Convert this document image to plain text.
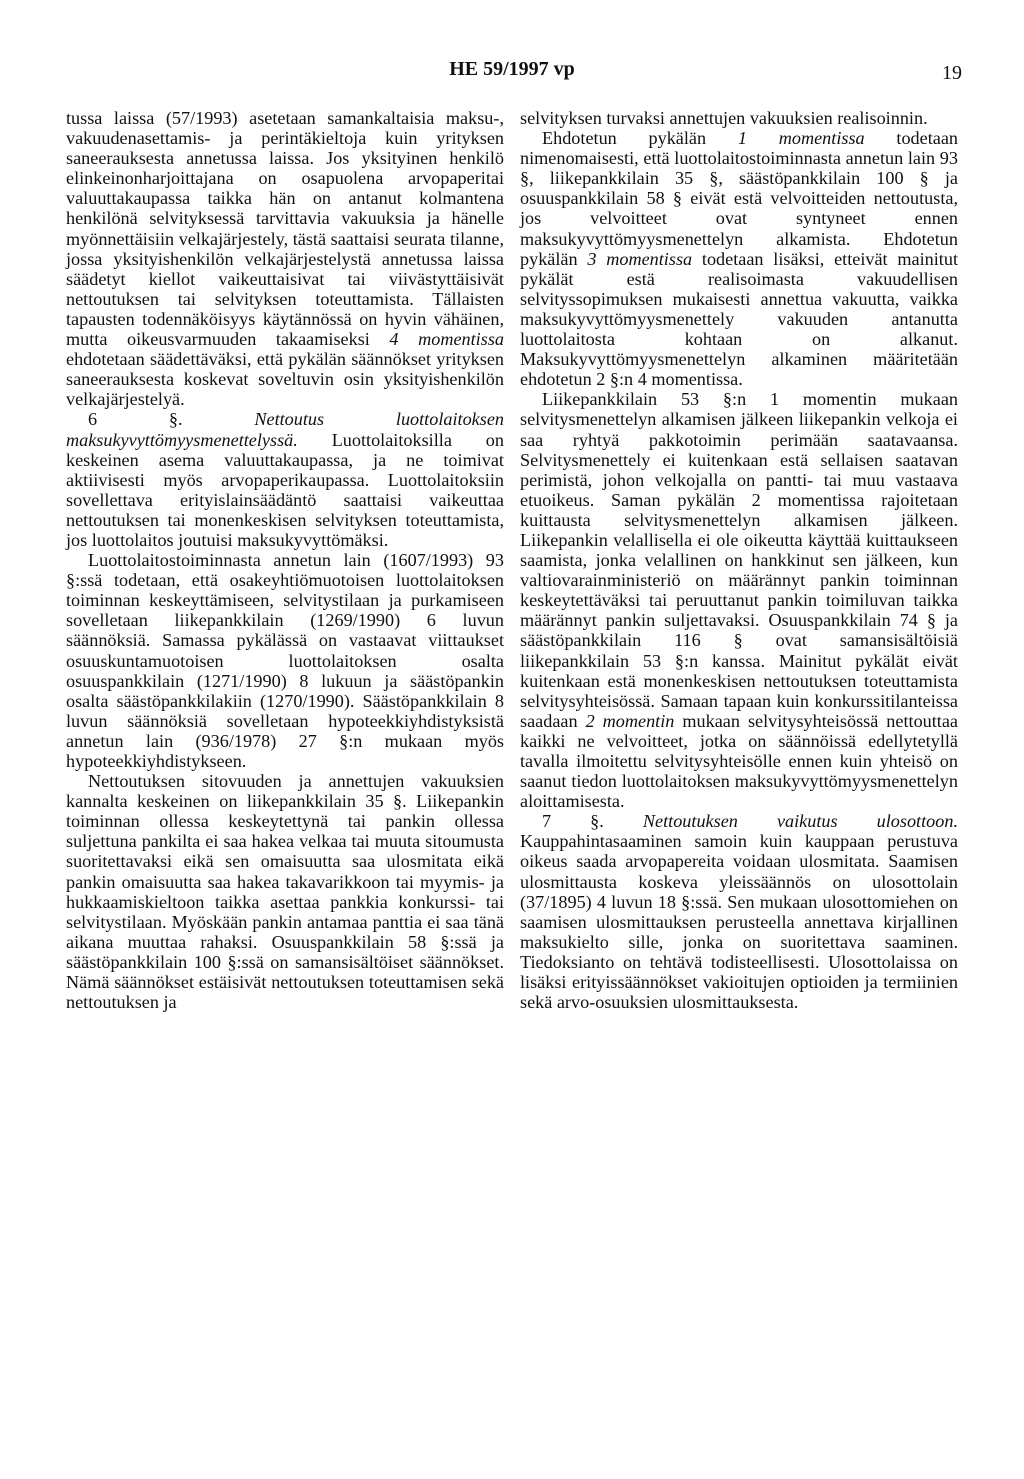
HE 59/1997 vp	19

tussa laissa (57/1993) asetetaan samankaltaisia maksu-, vakuudenasettamis- ja perintäkieltoja kuin yrityksen saneerauksesta annetussa laissa. Jos yksityinen henkilö elinkeinonharjoittajana on osapuolena arvopaperitai valuuttakaupassa taikka hän on antanut kolmantena henkilönä selvityksessä tarvittavia vakuuksia ja hänelle myönnettäisiin velkajärjestely, tästä saattaisi seurata tilanne, jossa yksityishenkilön velkajärjestelystä annetussa laissa säädetyt kiellot vaikeuttaisivat tai viivästyttäisivät nettoutuksen tai selvityksen toteuttamista. Tällaisten tapausten todennäköisyys käytännössä on hyvin vähäinen, mutta oikeusvarmuuden takaamiseksi 4 momentissa ehdotetaan säädettäväksi, että pykälän säännökset yrityksen saneerauksesta koskevat soveltuvin osin yksityishenkilön velkajärjestelyä.

6 §. Nettoutus luottolaitoksen maksukyvyttömyysmenettelyssä. Luottolaitoksilla on keskeinen asema valuuttakaupassa, ja ne toimivat aktiivisesti myös arvopaperikaupassa. Luottolaitoksiin sovellettava erityislainsäädäntö saattaisi vaikeuttaa nettoutuksen tai monenkeskisen selvityksen toteuttamista, jos luottolaitos joutuisi maksukyvyttömäksi.

Luottolaitostoiminnasta annetun lain (1607/1993) 93 §:ssä todetaan, että osakeyhtiömuotoisen luottolaitoksen toiminnan keskeyttämiseen, selvitystilaan ja purkamiseen sovelletaan liikepankkilain (1269/1990) 6 luvun säännöksiä. Samassa pykälässä on vastaavat viittaukset osuuskuntamuotoisen luottolaitoksen osalta osuuspankkilain (1271/1990) 8 lukuun ja säästöpankin osalta säästöpankkilakiin (1270/1990). Säästöpankkilain 8 luvun säännöksiä sovelletaan hypoteekkiyhdistyksistä annetun lain (936/1978) 27 §:n mukaan myös hypoteekkiyhdistykseen.

Nettoutuksen sitovuuden ja annettujen vakuuksien kannalta keskeinen on liikepankkilain 35 §. Liikepankin toiminnan ollessa keskeytettynä tai pankin ollessa suljettuna pankilta ei saa hakea velkaa tai muuta sitoumusta suoritettavaksi eikä sen omaisuutta saa ulosmitata eikä pankin omaisuutta saa hakea takavarikkoon tai myymis- ja hukkaamiskieltoon taikka asettaa pankkia konkurssi- tai selvitystilaan. Myöskään pankin antamaa panttia ei saa tänä aikana muuttaa rahaksi. Osuuspankkilain 58 §:ssä ja säästöpankkilain 100 §:ssä on samansisältöiset säännökset. Nämä säännökset estäisivät nettoutuksen toteuttamisen sekä nettoutuksen ja

selvityksen turvaksi annettujen vakuuksien realisoinnin.

Ehdotetun pykälän 1 momentissa todetaan nimenomaisesti, että luottolaitostoiminnasta annetun lain 93 §, liikepankkilain 35 §, säästöpankkilain 100 § ja osuuspankkilain 58 § eivät estä velvoitteiden nettoutusta, jos velvoitteet ovat syntyneet ennen maksukyvyttömyysmenettelyn alkamista. Ehdotetun pykälän 3 momentissa todetaan lisäksi, etteivät mainitut pykälät estä realisoimasta vakuudellisen selvityssopimuksen mukaisesti annettua vakuutta, vaikka maksukyvyttömyysmenettely vakuuden antanutta luottolaitosta kohtaan on alkanut. Maksukyvyttömyysmenettelyn alkaminen määritetään ehdotetun 2 §:n 4 momentissa.

Liikepankkilain 53 §:n 1 momentin mukaan selvitysmenettelyn alkamisen jälkeen liikepankin velkoja ei saa ryhtyä pakkotoimin perimään saatavaansa. Selvitysmenettely ei kuitenkaan estä sellaisen saatavan perimistä, johon velkojalla on pantti- tai muu vastaava etuoikeus. Saman pykälän 2 momentissa rajoitetaan kuittausta selvitysmenettelyn alkamisen jälkeen. Liikepankin velallisella ei ole oikeutta käyttää kuittaukseen saamista, jonka velallinen on hankkinut sen jälkeen, kun valtiovarainministeriö on määrännyt pankin toiminnan keskeytettäväksi tai peruuttanut pankin toimiluvan taikka määrännyt pankin suljettavaksi. Osuuspankkilain 74 § ja säästöpankkilain 116 § ovat samansisältöisiä liikepankkilain 53 §:n kanssa. Mainitut pykälät eivät kuitenkaan estä monenkeskisen nettoutuksen toteuttamista selvitysyhteisössä. Samaan tapaan kuin konkurssitilanteissa saadaan 2 momentin mukaan selvitysyhteisössä nettouttaa kaikki ne velvoitteet, jotka on säännöissä edellytetyllä tavalla ilmoitettu selvitysyhteisölle ennen kuin yhteisö on saanut tiedon luottolaitoksen maksukyvyttömyysmenettelyn aloittamisesta.

7 §. Nettoutuksen vaikutus ulosottoon. Kauppahintasaaminen samoin kuin kauppaan perustuva oikeus saada arvopapereita voidaan ulosmitata. Saamisen ulosmittausta koskeva yleissäännös on ulosottolain (37/1895) 4 luvun 18 §:ssä. Sen mukaan ulosottomiehen on saamisen ulosmittauksen perusteella annettava kirjallinen maksukielto sille, jonka on suoritettava saaminen. Tiedoksianto on tehtävä todisteellisesti. Ulosottolaissa on lisäksi erityissäännökset vakioitujen optioiden ja termiinien sekä arvo-osuuksien ulosmittauksesta.
